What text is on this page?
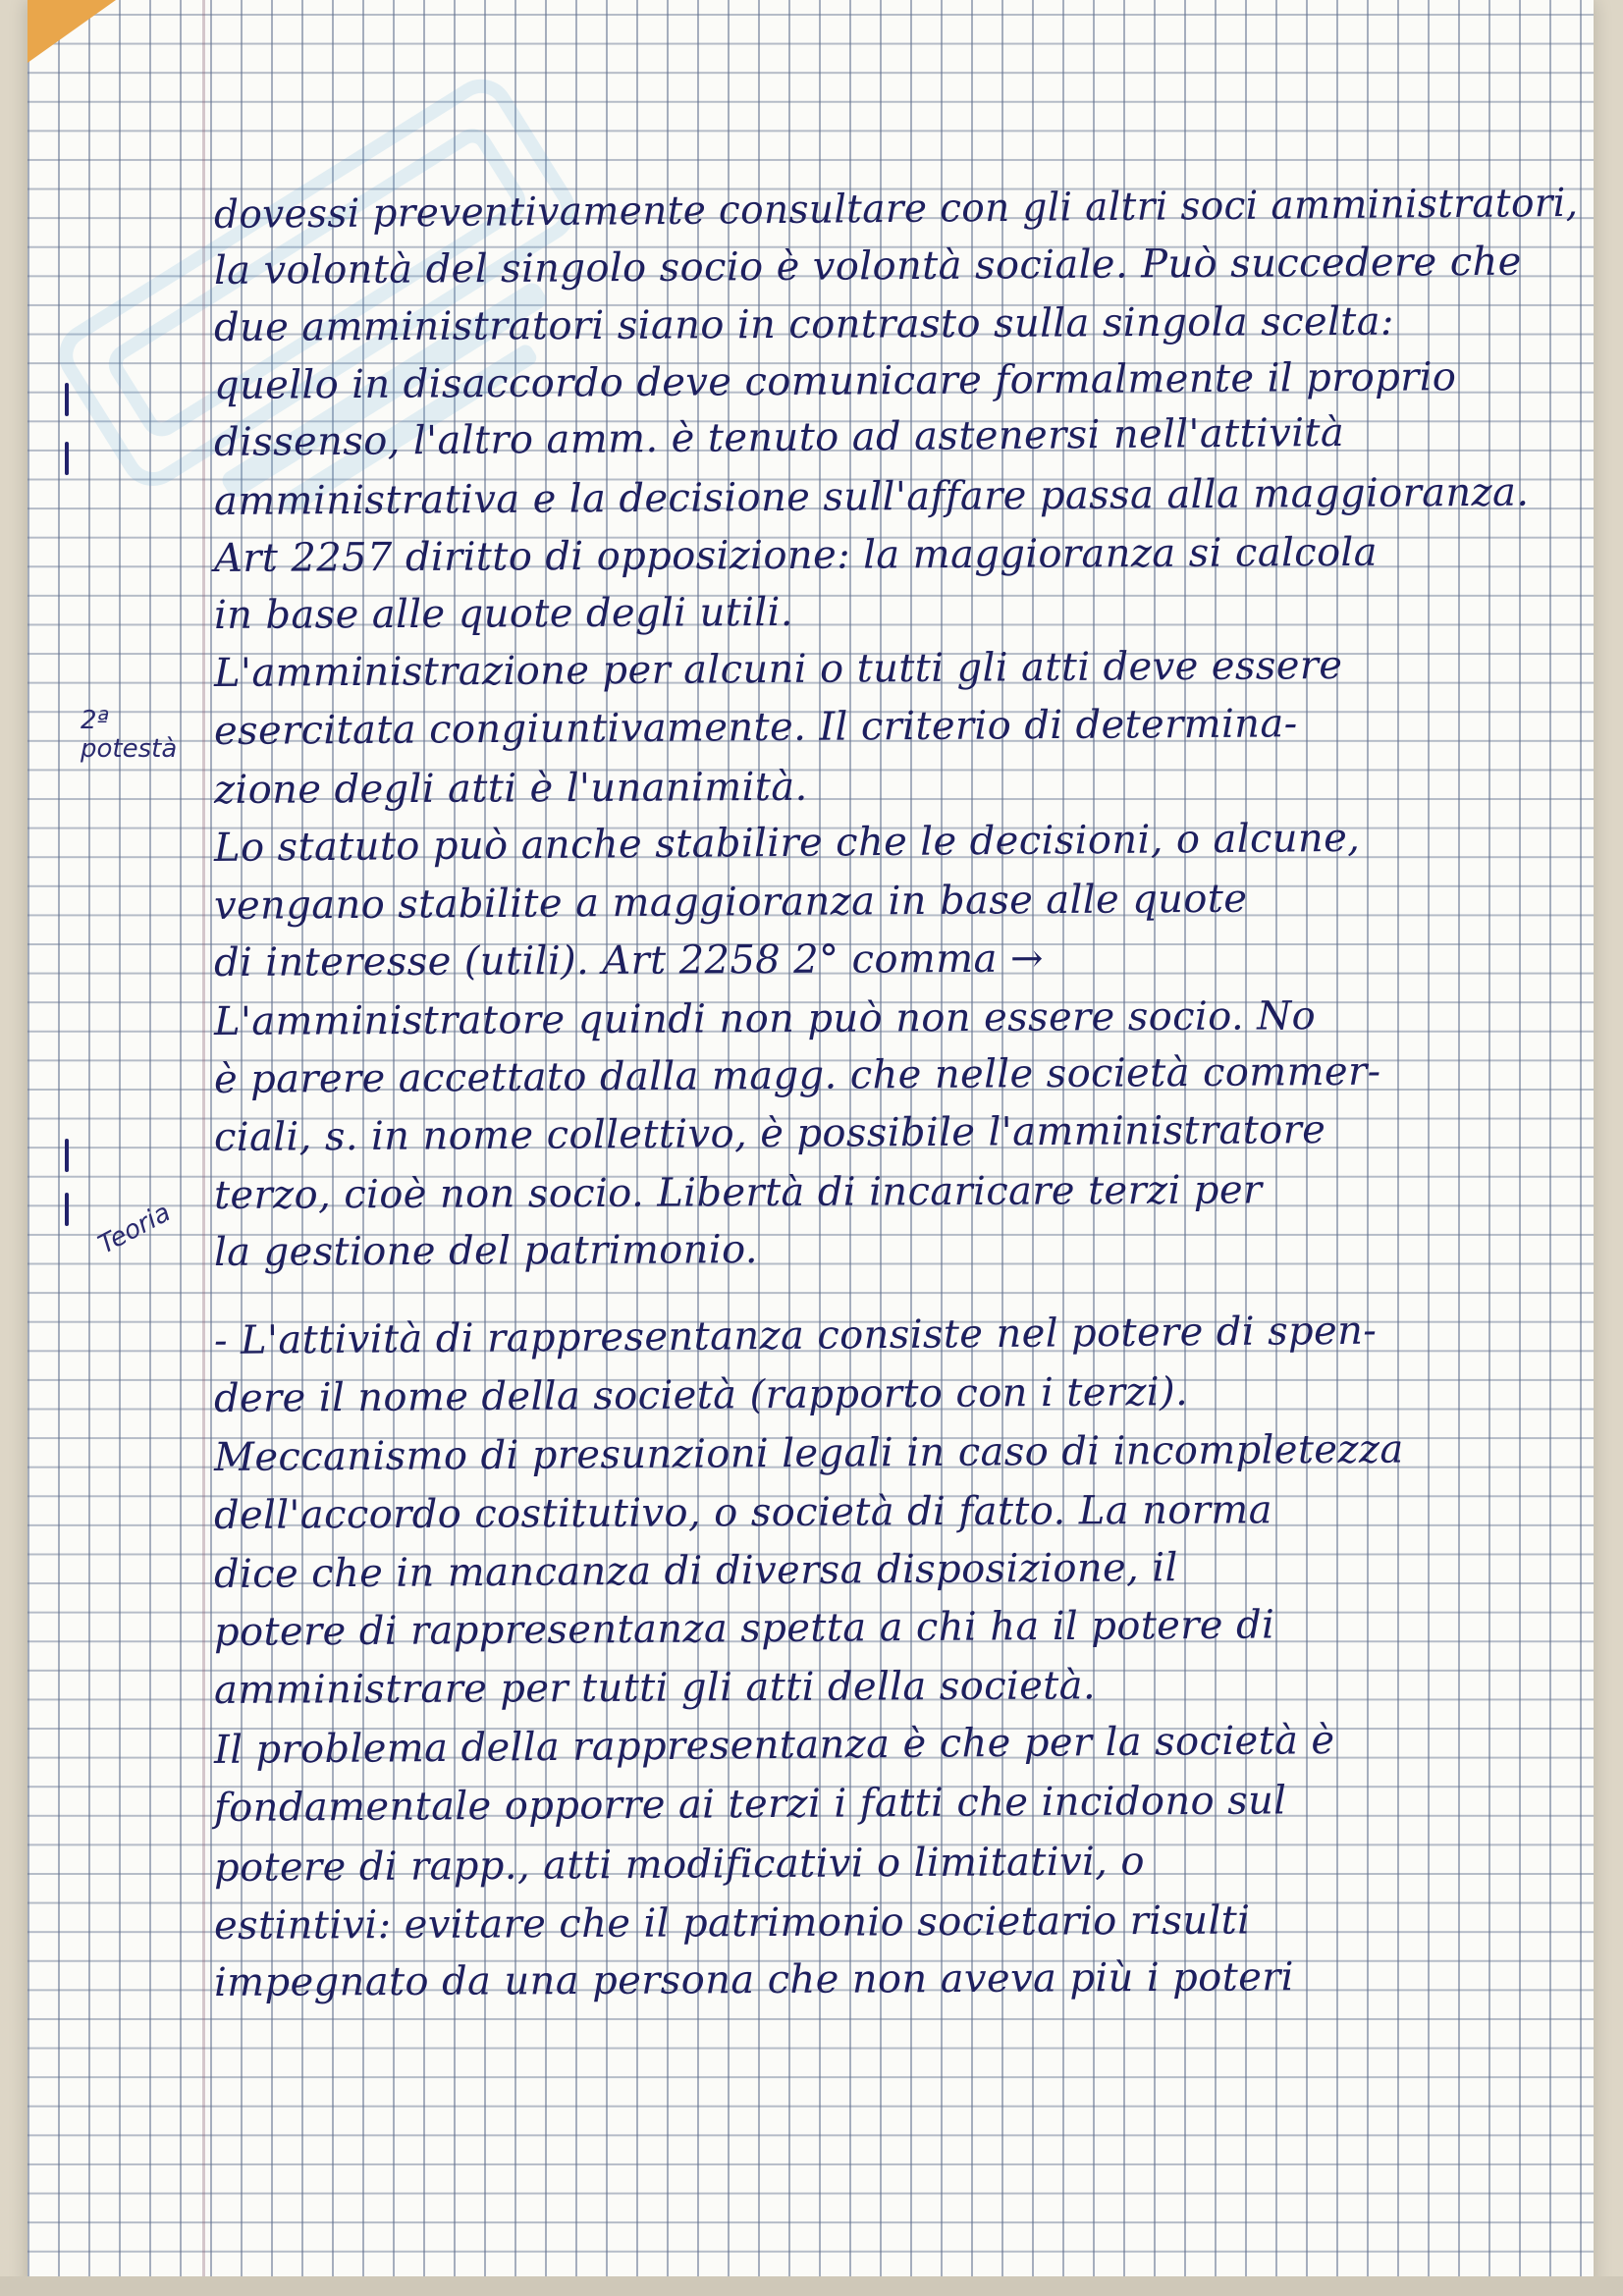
2ª potestà
Teoria
dovessi preventivamente consultare con gli altri soci amministratori,
la volontà del singolo socio è volontà sociale. Può succedere che
due amministratori siano in contrasto sulla singola scelta:
quello in disaccordo deve comunicare formalmente il proprio
dissenso, l'altro amm. è tenuto ad astenersi nell'attività
amministrativa e la decisione sull'affare passa alla maggioranza.
Art 2257 diritto di opposizione: la maggioranza si calcola
in base alle quote degli utili.
L'amministrazione per alcuni o tutti gli atti deve essere
esercitata congiuntivamente. Il criterio di determina-
zione degli atti è l'unanimità.
Lo statuto può anche stabilire che le decisioni, o alcune,
vengano stabilite a maggioranza in base alle quote
di interesse (utili). Art 2258 2° comma →
L'amministratore quindi non può non essere socio. No
è parere accettato dalla magg. che nelle società commer-
ciali, s. in nome collettivo, è possibile l'amministratore
terzo, cioè non socio. Libertà di incaricare terzi per
la gestione del patrimonio.
- L'attività di rappresentanza consiste nel potere di spen-
dere il nome della società (rapporto con i terzi).
Meccanismo di presunzioni legali in caso di incompletezza
dell'accordo costitutivo, o società di fatto. La norma
dice che in mancanza di diversa disposizione, il
potere di rappresentanza spetta a chi ha il potere di
amministrare per tutti gli atti della società.
Il problema della rappresentanza è che per la società è
fondamentale opporre ai terzi i fatti che incidono sul
potere di rapp., atti modificativi o limitativi, o
estintivi: evitare che il patrimonio societario risulti
impegnato da una persona che non aveva più i poteri
